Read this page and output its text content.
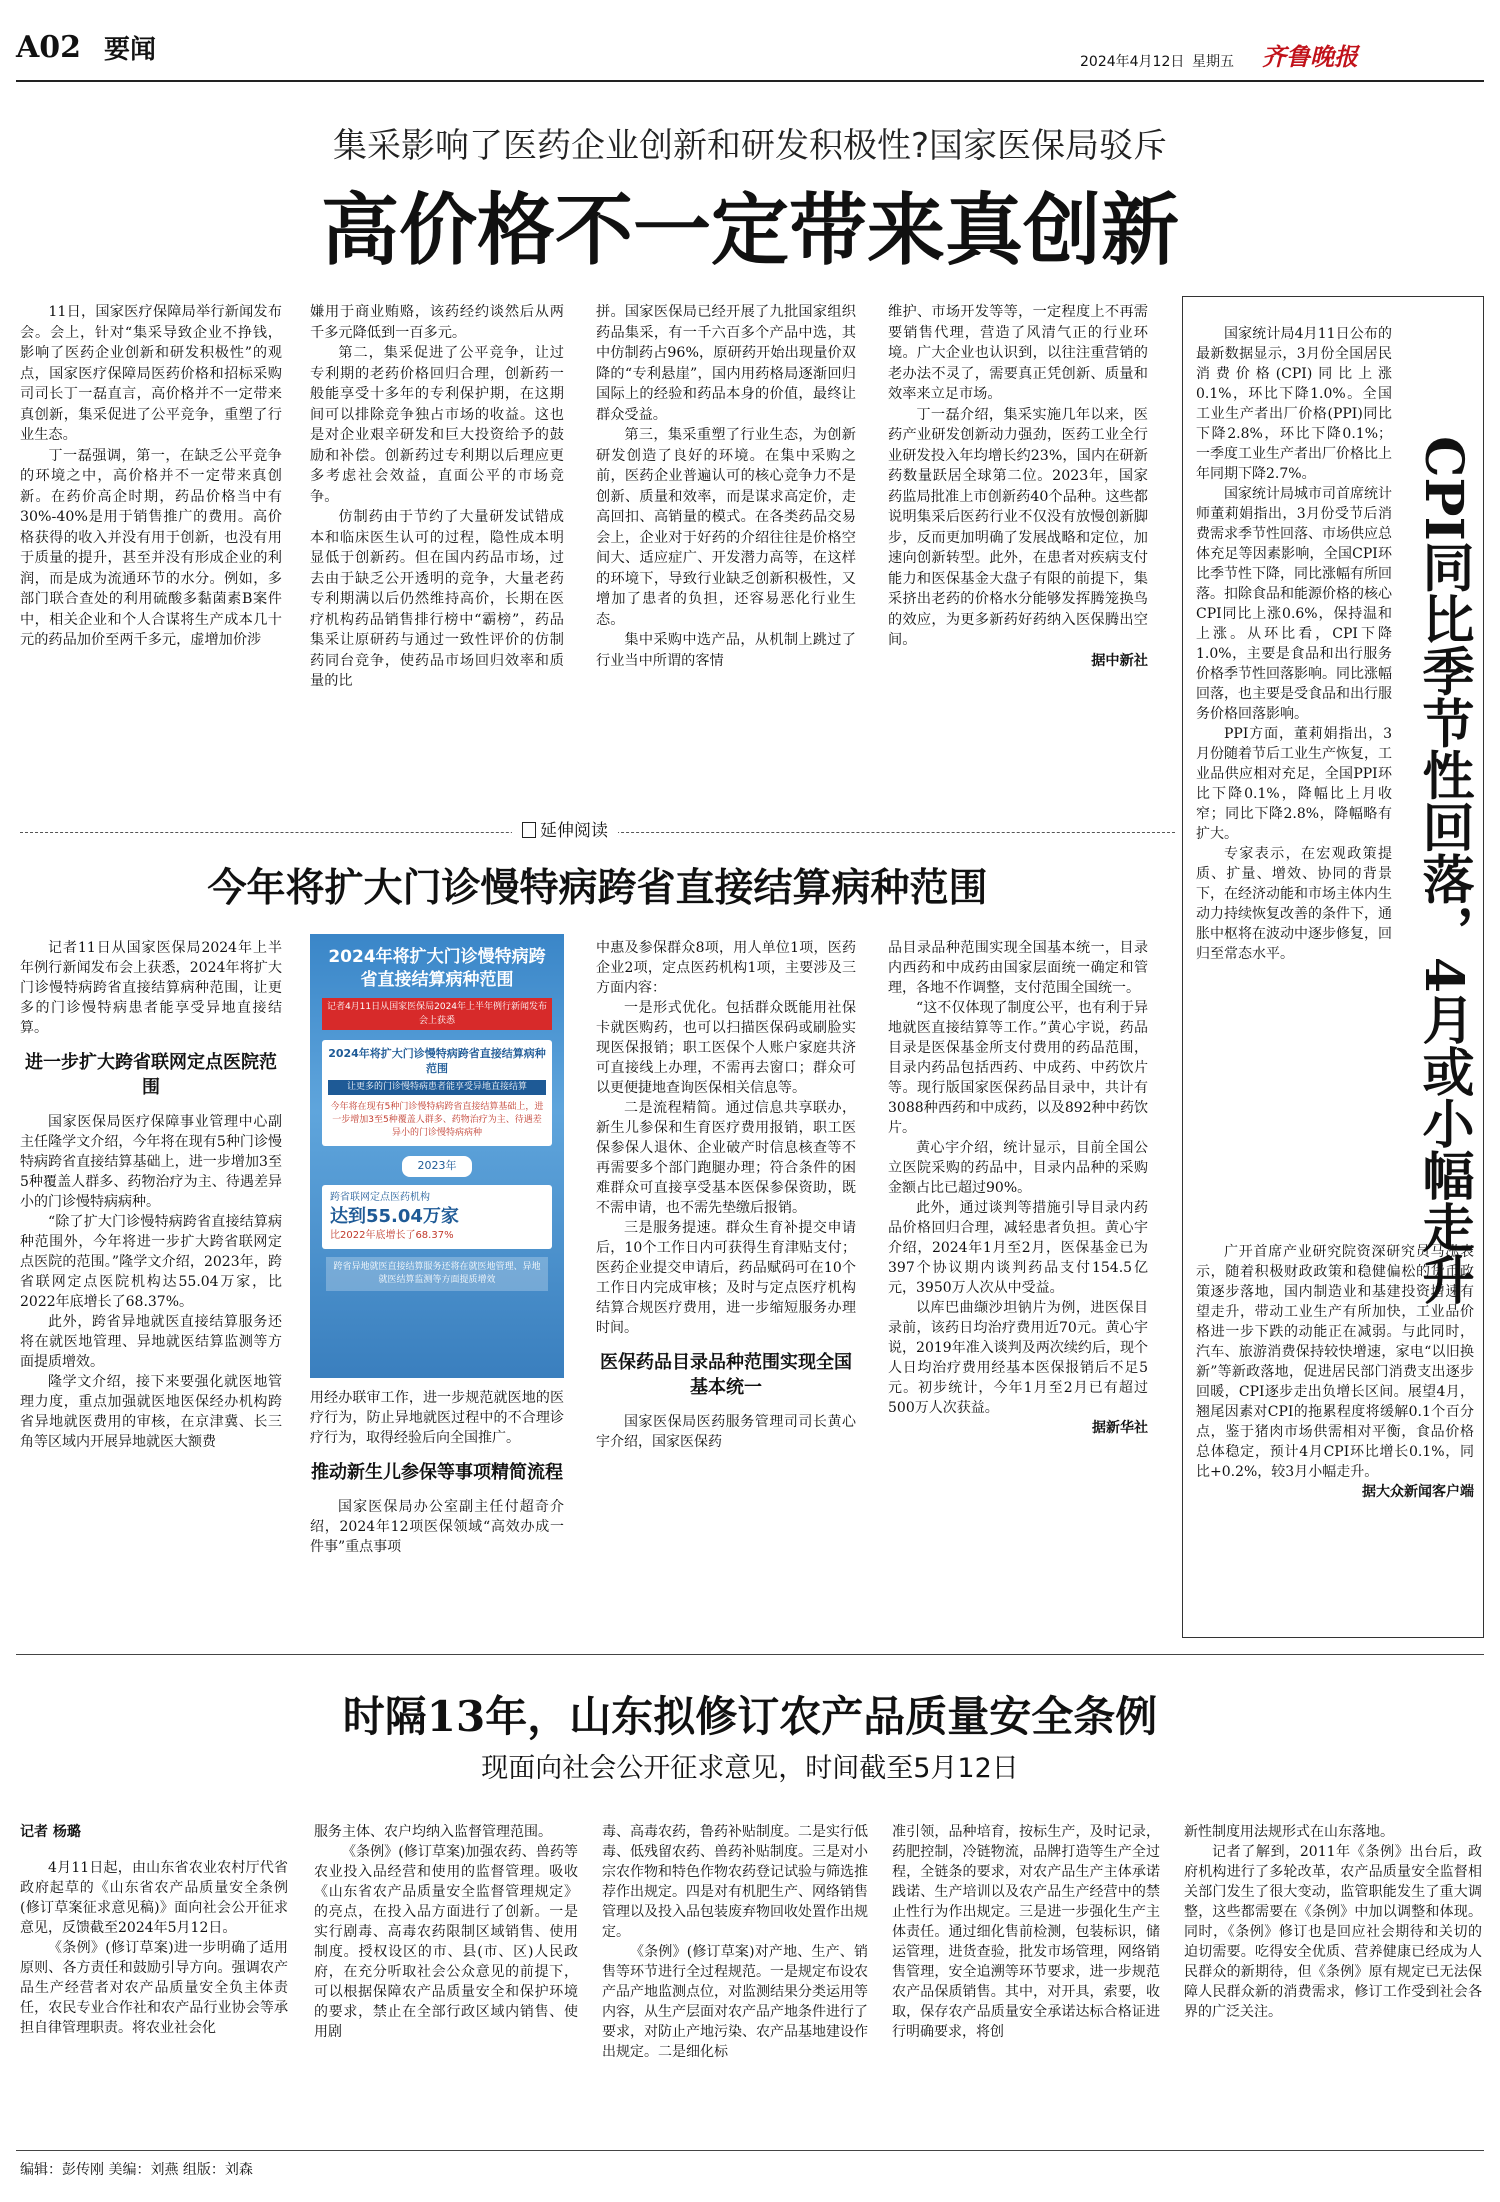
A02 要闻	2024年4月12日 星期五 齐鲁晚报
集采影响了医药企业创新和研发积极性?国家医保局驳斥
高价格不一定带来真创新

11日，国家医疗保障局举行新闻发布会。会上，针对“集采导致企业不挣钱，影响了医药企业创新和研发积极性”的观点，国家医疗保障局医药价格和招标采购司司长丁一磊直言，高价格并不一定带来真创新，集采促进了公平竞争，重塑了行业生态。

丁一磊强调，第一，在缺乏公平竞争的环境之中，高价格并不一定带来真创新。在药价高企时期，药品价格当中有30%-40%是用于销售推广的费用。高价格获得的收入并没有用于创新，也没有用于质量的提升，甚至并没有形成企业的利润，而是成为流通环节的水分。例如，多部门联合查处的利用硫酸多黏菌素B案件中，相关企业和个人合谋将生产成本几十元的药品加价至两千多元，虚增加价涉

嫌用于商业贿赂，该药经约谈然后从两千多元降低到一百多元。

第二，集采促进了公平竞争，让过专利期的老药价格回归合理，创新药一般能享受十多年的专利保护期，在这期间可以排除竞争独占市场的收益。这也是对企业艰辛研发和巨大投资给予的鼓励和补偿。创新药过专利期以后理应更多考虑社会效益，直面公平的市场竞争。

仿制药由于节约了大量研发试错成本和临床医生认可的过程，隐性成本明显低于创新药。但在国内药品市场，过去由于缺乏公开透明的竞争，大量老药专利期满以后仍然维持高价，长期在医疗机构药品销售排行榜中“霸榜”，药品集采让原研药与通过一致性评价的仿制药同台竞争，使药品市场回归效率和质量的比

拼。国家医保局已经开展了九批国家组织药品集采，有一千六百多个产品中选，其中仿制药占96%，原研药开始出现量价双降的“专利悬崖”，国内用药格局逐渐回归国际上的经验和药品本身的价值，最终让群众受益。

第三，集采重塑了行业生态，为创新研发创造了良好的环境。在集中采购之前，医药企业普遍认可的核心竞争力不是创新、质量和效率，而是谋求高定价，走高回扣、高销量的模式。在各类药品交易会上，企业对于好药的介绍往往是价格空间大、适应症广、开发潜力高等，在这样的环境下，导致行业缺乏创新积极性，又增加了患者的负担，还容易恶化行业生态。

集中采购中选产品，从机制上跳过了行业当中所谓的客情

维护、市场开发等等，一定程度上不再需要销售代理，营造了风清气正的行业环境。广大企业也认识到，以往注重营销的老办法不灵了，需要真正凭创新、质量和效率来立足市场。

丁一磊介绍，集采实施几年以来，医药产业研发创新动力强劲，医药工业全行业研发投入年均增长约23%，国内在研新药数量跃居全球第二位。2023年，国家药监局批准上市创新药40个品种。这些都说明集采后医药行业不仅没有放慢创新脚步，反而更加明确了发展战略和定位，加速向创新转型。此外，在患者对疾病支付能力和医保基金大盘子有限的前提下，集采挤出老药的价格水分能够发挥腾笼换鸟的效应，为更多新药好药纳入医保腾出空间。

据中新社
延伸阅读

国家统计局4月11日公布的最新数据显示，3月份全国居民消费价格(CPI)同比上涨0.1%，环比下降1.0%。全国工业生产者出厂价格(PPI)同比下降2.8%，环比下降0.1%；一季度工业生产者出厂价格比上年同期下降2.7%。

国家统计局城市司首席统计师董莉娟指出，3月份受节后消费需求季节性回落、市场供应总体充足等因素影响，全国CPI环比季节性下降，同比涨幅有所回落。扣除食品和能源价格的核心CPI同比上涨0.6%，保持温和上涨。从环比看，CPI下降1.0%，主要是食品和出行服务价格季节性回落影响。同比涨幅回落，也主要是受食品和出行服务价格回落影响。

PPI方面，董莉娟指出，3月份随着节后工业生产恢复，工业品供应相对充足，全国PPI环比下降0.1%，降幅比上月收窄；同比下降2.8%，降幅略有扩大。

专家表示，在宏观政策提质、扩量、增效、协同的背景下，在经济动能和市场主体内生动力持续恢复改善的条件下，通胀中枢将在波动中逐步修复，回归至常态水平。	CPI同比季节性回落，4月或小幅走升

广开首席产业研究院资深研究员马泓表示，随着积极财政政策和稳健偏松的货币政策逐步落地，国内制造业和基建投资增速有望走升，带动工业生产有所加快，工业品价格进一步下跌的动能正在减弱。与此同时，汽车、旅游消费保持较快增速，家电“以旧换新”等新政落地，促进居民部门消费支出逐步回暖，CPI逐步走出负增长区间。展望4月，翘尾因素对CPI的拖累程度将缓解0.1个百分点，鉴于猪肉市场供需相对平衡，食品价格总体稳定，预计4月CPI环比增长0.1%，同比+0.2%，较3月小幅走升。

据大众新闻客户端
今年将扩大门诊慢特病跨省直接结算病种范围

记者11日从国家医保局2024年上半年例行新闻发布会上获悉，2024年将扩大门诊慢特病跨省直接结算病种范围，让更多的门诊慢特病患者能享受异地直接结算。

进一步扩大跨省联网定点医院范围

国家医保局医疗保障事业管理中心副主任隆学文介绍，今年将在现有5种门诊慢特病跨省直接结算基础上，进一步增加3至5种覆盖人群多、药物治疗为主、待遇差异小的门诊慢特病病种。

“除了扩大门诊慢特病跨省直接结算病种范围外，今年将进一步扩大跨省联网定点医院的范围。”隆学文介绍，2023年，跨省联网定点医院机构达55.04万家，比2022年底增长了68.37%。

此外，跨省异地就医直接结算服务还将在就医地管理、异地就医结算监测等方面提质增效。

隆学文介绍，接下来要强化就医地管理力度，重点加强就医地医保经办机构跨省异地就医费用的审核，在京津冀、长三角等区域内开展异地就医大额费

2024年将扩大门诊慢特病跨省直接结算病种范围
记者4月11日从国家医保局2024年上半年例行新闻发布会上获悉
2024年将扩大门诊慢特病跨省直接结算病种范围
让更多的门诊慢特病患者能享受异地直接结算
今年将在现有5种门诊慢特病跨省直接结算基础上，进一步增加3至5种覆盖人群多、药物治疗为主、待遇差异小的门诊慢特病病种
2023年
跨省联网定点医药机构
达到55.04万家
比2022年底增长了68.37%
跨省异地就医直接结算服务还将在就医地管理、异地就医结算监测等方面提质增效

用经办联审工作，进一步规范就医地的医疗行为，防止异地就医过程中的不合理诊疗行为，取得经验后向全国推广。

推动新生儿参保等事项精简流程

国家医保局办公室副主任付超奇介绍，2024年12项医保领域“高效办成一件事”重点事项

中惠及参保群众8项，用人单位1项，医药企业2项，定点医药机构1项，主要涉及三方面内容：

一是形式优化。包括群众既能用社保卡就医购药，也可以扫描医保码或刷脸实现医保报销；职工医保个人账户家庭共济可直接线上办理，不需再去窗口；群众可以更便捷地查询医保相关信息等。

二是流程精简。通过信息共享联办，新生儿参保和生育医疗费用报销，职工医保参保人退休、企业破产时信息核查等不再需要多个部门跑腿办理；符合条件的困难群众可直接享受基本医保参保资助，既不需申请，也不需先垫缴后报销。

三是服务提速。群众生育补提交申请后，10个工作日内可获得生育津贴支付；医药企业提交申请后，药品赋码可在10个工作日内完成审核；及时与定点医疗机构结算合规医疗费用，进一步缩短服务办理时间。

医保药品目录品种范围实现全国基本统一

国家医保局医药服务管理司司长黄心宇介绍，国家医保药

品目录品种范围实现全国基本统一，目录内西药和中成药由国家层面统一确定和管理，各地不作调整，支付范围全国统一。

“这不仅体现了制度公平，也有利于异地就医直接结算等工作。”黄心宇说，药品目录是医保基金所支付费用的药品范围，目录内药品包括西药、中成药、中药饮片等。现行版国家医保药品目录中，共计有3088种西药和中成药，以及892种中药饮片。

黄心宇介绍，统计显示，目前全国公立医院采购的药品中，目录内品种的采购金额占比已超过90%。

此外，通过谈判等措施引导目录内药品价格回归合理，减轻患者负担。黄心宇介绍，2024年1月至2月，医保基金已为397个协议期内谈判药品支付154.5亿元，3950万人次从中受益。

以库巴曲缬沙坦钠片为例，进医保目录前，该药日均治疗费用近70元。黄心宇说，2019年准入谈判及两次续约后，现个人日均治疗费用经基本医保报销后不足5元。初步统计，今年1月至2月已有超过500万人次获益。

据新华社
时隔13年，山东拟修订农产品质量安全条例
现面向社会公开征求意见，时间截至5月12日
记者 杨璐

4月11日起，由山东省农业农村厅代省政府起草的《山东省农产品质量安全条例(修订草案征求意见稿)》面向社会公开征求意见，反馈截至2024年5月12日。

《条例》(修订草案)进一步明确了适用原则、各方责任和鼓励引导方向。强调农产品生产经营者对农产品质量安全负主体责任，农民专业合作社和农产品行业协会等承担自律管理职责。将农业社会化

服务主体、农户均纳入监督管理范围。

《条例》(修订草案)加强农药、兽药等农业投入品经营和使用的监督管理。吸收《山东省农产品质量安全监督管理规定》的亮点，在投入品方面进行了创新。一是实行剧毒、高毒农药限制区域销售、使用制度。授权设区的市、县(市、区)人民政府，在充分听取社会公众意见的前提下，可以根据保障农产品质量安全和保护环境的要求，禁止在全部行政区域内销售、使用剧

毒、高毒农药，鲁药补贴制度。二是实行低毒、低残留农药、兽药补贴制度。三是对小宗农作物和特色作物农药登记试验与筛选推荐作出规定。四是对有机肥生产、网络销售管理以及投入品包装废弃物回收处置作出规定。

《条例》(修订草案)对产地、生产、销售等环节进行全过程规范。一是规定布设农产品产地监测点位，对监测结果分类运用等内容，从生产层面对农产品产地条件进行了要求，对防止产地污染、农产品基地建设作出规定。二是细化标

准引领，品种培育，按标生产，及时记录，药肥控制，冷链物流，品牌打造等生产全过程，全链条的要求，对农产品生产主体承诺践诺、生产培训以及农产品生产经营中的禁止性行为作出规定。三是进一步强化生产主体责任。通过细化售前检测，包装标识，储运管理，进货查验，批发市场管理，网络销售管理，安全追溯等环节要求，进一步规范农产品保质销售。其中，对开具，索要，收取，保存农产品质量安全承诺达标合格证进行明确要求，将创

新性制度用法规形式在山东落地。

记者了解到，2011年《条例》出台后，政府机构进行了多轮改革，农产品质量安全监督相关部门发生了很大变动，监管职能发生了重大调整，这些都需要在《条例》中加以调整和体现。同时，《条例》修订也是回应社会期待和关切的迫切需要。吃得安全优质、营养健康已经成为人民群众的新期待，但《条例》原有规定已无法保障人民群众新的消费需求，修订工作受到社会各界的广泛关注。

编辑：彭传刚 美编：刘燕 组版：刘森
